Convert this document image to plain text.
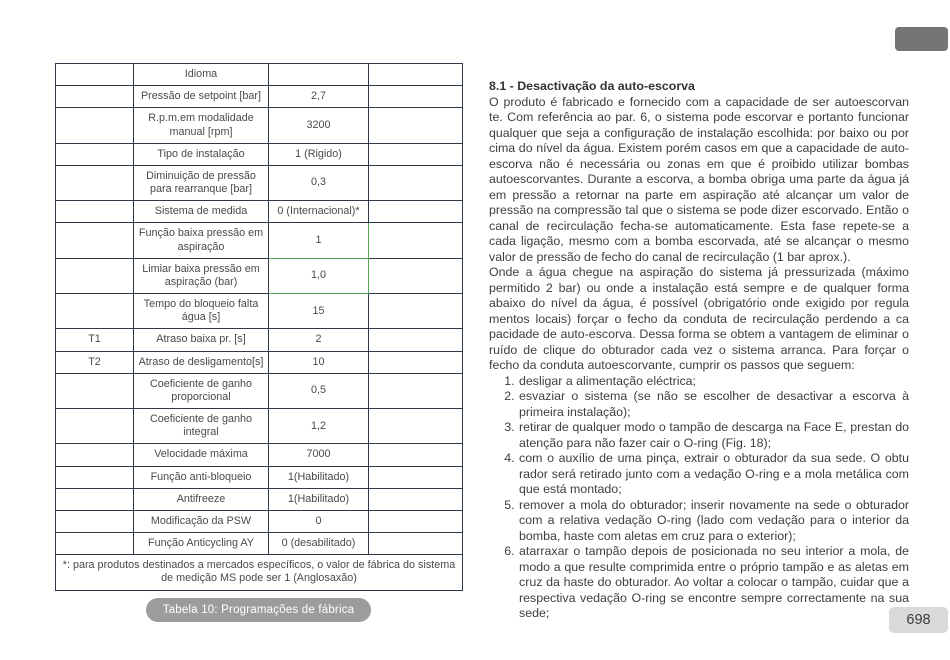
	Idioma		
	Pressão de setpoint [bar]	2,7	
	R.p.m.em modalidade manual [rpm]	3200	
	Tipo de instalação	1 (Rigido)	
	Diminuição de pressão para rearranque [bar]	0,3	
	Sistema de medida	0 (Internacional)*	
	Função baixa pressão em aspiração	1	
	Limiar baixa pressão em aspiração (bar)	1,0	
	Tempo do bloqueio falta água [s]	15	
T1	Atraso baixa pr. [s]	2	
T2	Atraso de desligamento[s]	10	
	Coeficiente de ganho proporcional	0,5	
	Coeficiente de ganho integral	1,2	
	Velocidade máxima	7000	
	Função anti-bloqueio	1(Habilitado)	
	Antifreeze	1(Habilitado)	
	Modificação da PSW	0	
	Função Anticycling AY	0 (desabilitado)	
*: para produtos destinados a mercados específicos, o valor de fábrica do sistema de medição MS pode ser 1 (Anglosaxão)			
Tabela 10: Programações de fábrica
8.1 - Desactivação da auto-escorva

O produto é fabricado e fornecido com a capacidade de ser autoescorvan te. Com referência ao par. 6, o sistema pode escorvar e portanto funcionar qualquer que seja a configuração de instalação escolhida: por baixo ou por cima do nível da água. Existem porém casos em que a capacidade de auto-escorva não é necessária ou zonas em que é proibido utilizar bombas autoescorvantes. Durante a escorva, a bomba obriga uma parte da água já em pressão a retornar na parte em aspiração até alcançar um valor de pressão na compressão tal que o sistema se pode dizer escorvado. Então o canal de recirculação fecha-se automaticamente. Esta fase repete-se a cada ligação, mesmo com a bomba escorvada, até se alcançar o mesmo valor de pressão de fecho do canal de recirculação (1 bar aprox.).

Onde a água chegue na aspiração do sistema já pressurizada (máximo permitido 2 bar) ou onde a instalação está sempre e de qualquer forma abaixo do nível da água, é possível (obrigatório onde exigido por regula mentos locais) forçar o fecho da conduta de recirculação perdendo a ca pacidade de auto-escorva. Dessa forma se obtem a vantagem de eliminar o ruído de clique do obturador cada vez o sistema arranca. Para forçar o fecho da conduta autoescorvante, cumprir os passos que seguem:

1. desligar a alimentação eléctrica;
2. esvaziar o sistema (se não se escolher de desactivar a escorva à primeira instalação);
3. retirar de qualquer modo o tampão de descarga na Face E, prestan do atenção para não fazer cair o O-ring (Fig. 18);
4. com o auxílio de uma pinça, extrair o obturador da sua sede. O obtu rador será retirado junto com a vedação O-ring e a mola metálica com que está montado;
5. remover a mola do obturador; inserir novamente na sede o obturador com a relativa vedação O-ring (lado com vedação para o interior da bomba, haste com aletas em cruz para o exterior);
6. atarraxar o tampão depois de posicionada no seu interior a mola, de modo a que resulte comprimida entre o próprio tampão e as aletas em cruz da haste do obturador. Ao voltar a colocar o tampão, cuidar que a respectiva vedação O-ring se encontre sempre correctamente na sua sede;	698
